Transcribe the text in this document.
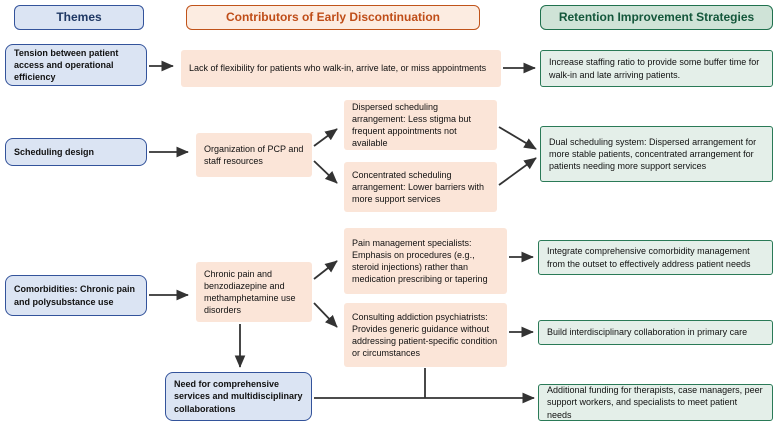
Themes	Contributors of Early Discontinuation	Retention Improvement Strategies
Tension between patient access and operational efficiency
Scheduling design
Comorbidities: Chronic pain and polysubstance use
Need for comprehensive services and multidisciplinary collaborations
Lack of flexibility for patients who walk-in, arrive late, or miss appointments
Organization of PCP and staff resources
Dispersed scheduling arrangement: Less stigma but frequent appointments not available
Concentrated scheduling arrangement: Lower barriers with more support services
Chronic pain and benzodiazepine and methamphetamine use disorders
Pain management specialists: Emphasis on procedures (e.g., steroid injections) rather than medication prescribing or tapering
Consulting addiction psychiatrists: Provides generic guidance without addressing patient-specific condition or circumstances
Increase staffing ratio to provide some buffer time for walk-in and late arriving patients.
Dual scheduling system: Dispersed arrangement for more stable patients, concentrated arrangement for patients needing more support services
Integrate comprehensive comorbidity management from the outset to effectively address patient needs
Build interdisciplinary collaboration in primary care
Additional funding for therapists, case managers, peer support workers, and specialists to meet patient needs
